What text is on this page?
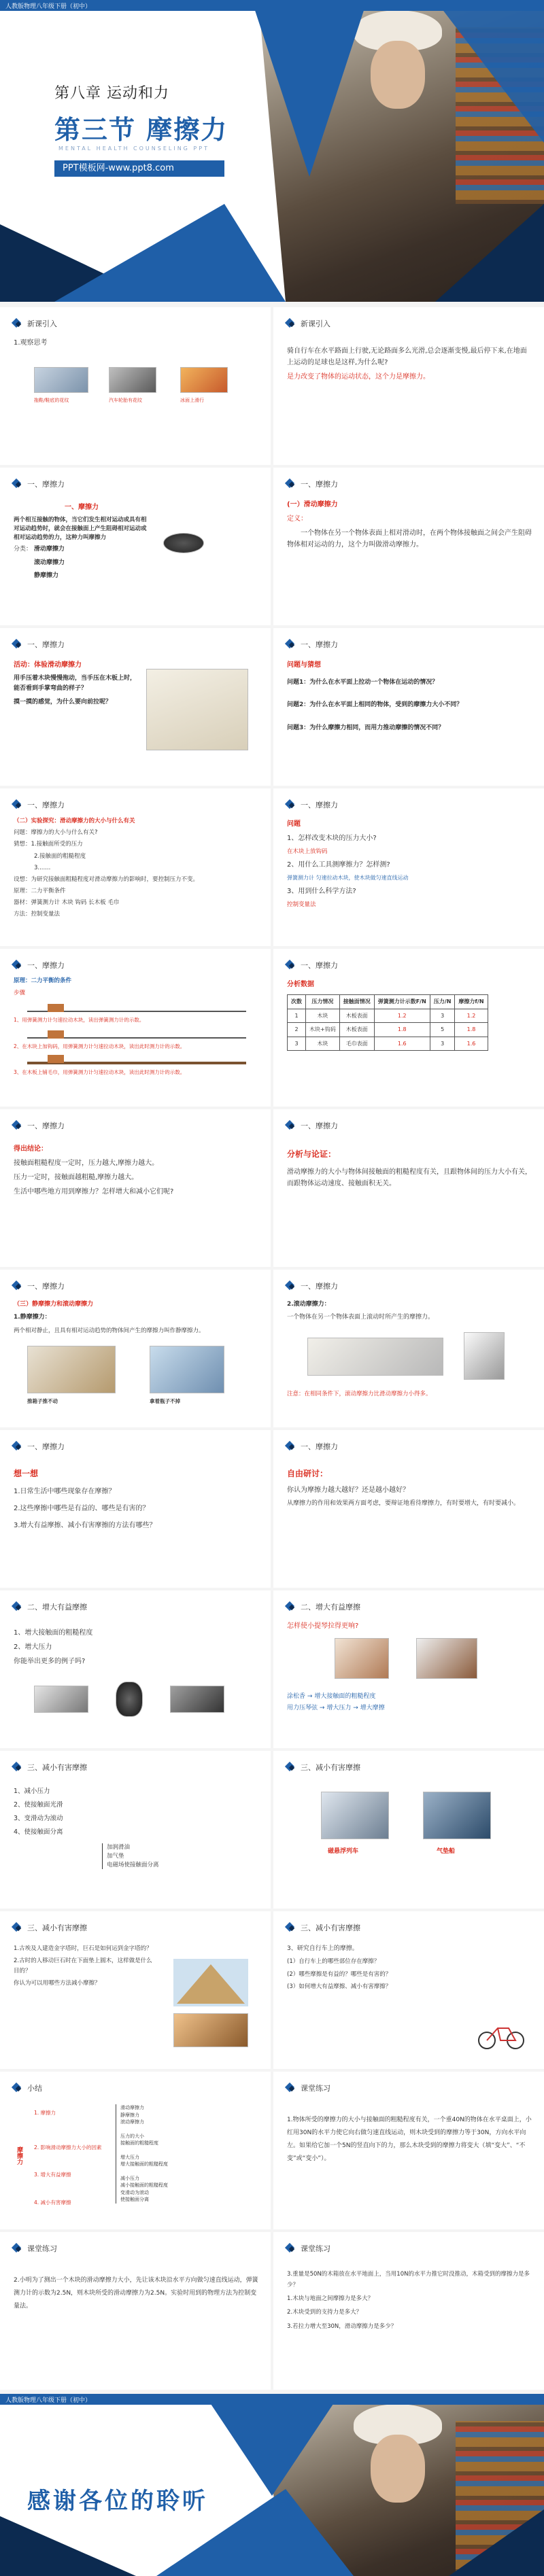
人教版物理八年级下册（初中）
第八章 运动和力
第三节 摩擦力
MENTAL HEALTH COUNSELING PPT
PPT模板网-www.ppt8.com
新课引入

1.观察思考

拖鞋/鞋底的花纹	汽车轮胎有花纹	冰面上滑行
新课引入

骑自行车在水平路面上行驶,无论路面多么光滑,总会逐渐变慢,最后停下来,在地面上运动的足球也是这样,为什么呢?

是力改变了物体的运动状态，这个力是摩擦力。

一、摩擦力

一、摩擦力

两个相互接触的物体，当它们发生相对运动或具有相对运动趋势时，就会在接触面上产生阻碍相对运动或相对运动趋势的力，这种力叫摩擦力

分类： 滑动摩擦力

滚动摩擦力

静摩擦力

一、摩擦力

(一）滑动摩擦力

定义：

一个物体在另一个物体表面上相对滑动时，在两个物体接触面之间会产生阻碍物体相对运动的力，这个力叫做滑动摩擦力。

一、摩擦力

活动：体验滑动摩擦力

用手压着木块慢慢拖动，当手压在木板上时，能否看到手掌弯曲的样子？

摸一摸的感觉，为什么要向前拉呢？

一、摩擦力

问题与猜想

问题1：为什么在水平面上拉动一个物体在运动的情况？

问题2：为什么在水平面上相同的物体，受到的摩擦力大小不同？

问题3：为什么摩擦力相同，而用力推动摩擦的情况不同？

一、摩擦力

（二）实验探究：滑动摩擦力的大小与什么有关

问题：摩擦力的大小与什么有关?

猜想：1.接触面所受的压力

2.接触面的粗糙程度

3.......

设想：为研究接触面粗糙程度对滑动摩擦力的影响时，要控制压力不变。

原理：二力平衡条件

器材：弹簧测力计 木块 钩码 长木板 毛巾

方法：控制变量法

一、摩擦力

问题

1、怎样改变木块的压力大小?

在木块上放钩码

2、用什么工具测摩擦力？怎样测?

弹簧测力计 匀速拉动木块，使木块做匀速直线运动

3、用到什么科学方法?

控制变量法

一、摩擦力

原理：二力平衡的条件

步骤

1、用弹簧测力计匀速拉动木块，读出弹簧测力计的示数。

2、在木块上加钩码，用弹簧测力计匀速拉动木块，读出此时测力计的示数。

3、在木板上铺毛巾，用弹簧测力计匀速拉动木块，读出此时测力计的示数。

一、摩擦力

分析数据

次数	压力情况	接触面情况	弹簧测力计示数F/N	压力/N	摩擦力f/N
1	木块	木板表面	1.2	3	1.2
2	木块+钩码	木板表面	1.8	5	1.8
3	木块	毛巾表面	1.6	3	1.6
一、摩擦力

得出结论：

接触面粗糙程度一定时，压力越大,摩擦力越大。

压力一定时，接触面越粗糙,摩擦力越大。

生活中哪些地方用到摩擦力？怎样增大和减小它们呢?

一、摩擦力

分析与论证：

滑动摩擦力的大小与物体间接触面的粗糙程度有关，且跟物体间的压力大小有关，而跟物体运动速度、接触面积无关。

一、摩擦力

（三）静摩擦力和滚动摩擦力

1.静摩擦力：

两个相对静止，且具有相对运动趋势的物体间产生的摩擦力叫作静摩擦力。

推箱子推不动	拿着瓶子不掉
一、摩擦力

2.滚动摩擦力：

一个物体在另一个物体表面上滚动时所产生的摩擦力。

注意：在相同条件下，滚动摩擦力比滑动摩擦力小得多。
一、摩擦力

想一想

1.日常生活中哪些现象存在摩擦？

2.这些摩擦中哪些是有益的、哪些是有害的？

3.增大有益摩擦、减小有害摩擦的方法有哪些？

一、摩擦力

自由研讨：

你认为摩擦力越大越好？还是越小越好？

从摩擦力的作用和效果两方面考虑，要辩证地看待摩擦力，有时要增大，有时要减小。

二、增大有益摩擦

1、增大接触面的粗糙程度

2、增大压力

你能举出更多的例子吗?

二、增大有益摩擦

怎样使小提琴拉得更响?

涂松香 → 增大接触面的粗糙程度
用力压琴弦 → 增大压力 → 增大摩擦
三、减小有害摩擦

1、减小压力

2、使接触面光滑

3、变滑动为滚动

4、使接触面分离

加润滑油
加气垫
电磁场使接触面分离
三、减小有害摩擦
磁悬浮列车	气垫船
三、减小有害摩擦

1.古埃及人建造金字塔时，巨石是如何运到金字塔的？

2.古时的人移动巨石时在下面垫上圆木，这样做是什么目的？

你认为可以用哪些方法减小摩擦？

三、减小有害摩擦

3、研究自行车上的摩擦。

(1）自行车上的哪些部位存在摩擦？

(2）哪些摩擦是有益的？哪些是有害的？

(3）如何增大有益摩擦、减小有害摩擦？

小结
摩擦力
1. 摩擦力
2. 影响滑动摩擦力大小的因素
3. 增大有益摩擦
4. 减小有害摩擦
滑动摩擦力
静摩擦力
滚动摩擦力
压力的大小
接触面的粗糙程度
增大压力
增大接触面的粗糙程度
减小压力
减小接触面的粗糙程度
变滑动为滚动
使接触面分离
课堂练习

1.物体所受的摩擦力的大小与接触面的粗糙程度有关，一个重40N的物体在水平桌面上，小红用30N的水平力使它向右做匀速直线运动，则木块受到的摩擦力等于30N，方向水平向左。如果给它加一个5N的竖直向下的力，那么木块受到的摩擦力将变大（填“变大”、“不变”或“变小”）。

课堂练习

2.小明为了测出一个木块的滑动摩擦力大小，先让该木块沿水平方向做匀速直线运动，弹簧测力计的示数为2.5N，则木块所受的滑动摩擦力为2.5N。实验时用到的物理方法为控制变量法。

课堂练习

3.重量是50N的木箱放在水平地面上，当用10N的水平力推它时没推动，木箱受到的摩擦力是多少？

1.木块与地面之间摩擦力是多大？

2.木块受到的支持力是多大？

3.若拉力增大至30N，滑动摩擦力是多少？

人教版物理八年级下册（初中）
感谢各位的聆听
